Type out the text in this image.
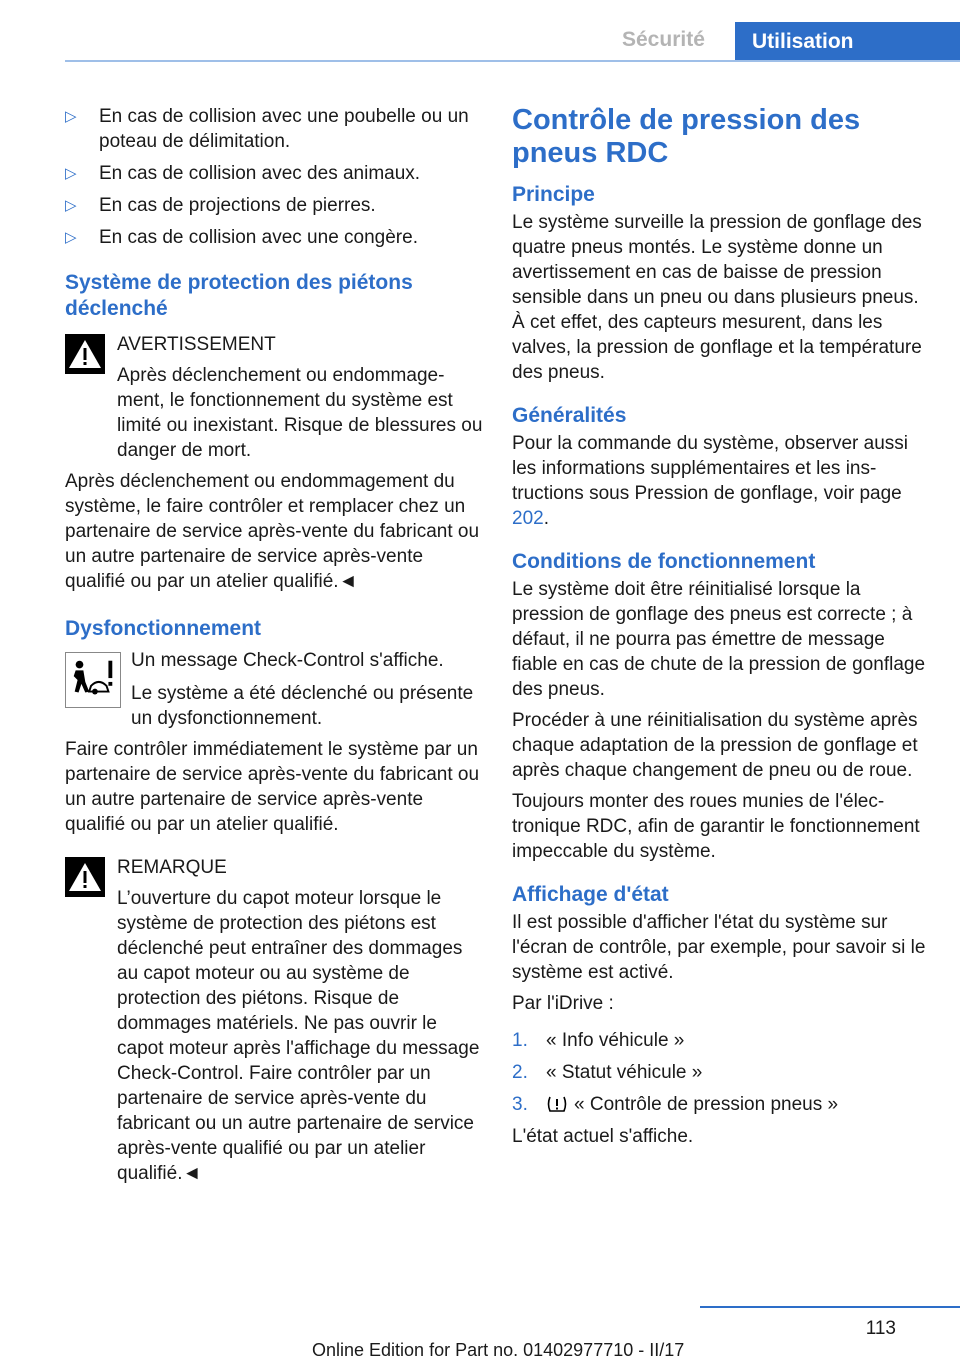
Sécurité	Utilisation
▷ En cas de collision avec une poubelle ou un poteau de délimitation.
▷ En cas de collision avec des animaux.
▷ En cas de projections de pierres.
▷ En cas de collision avec une congère.
Système de protection des piétons déclenché
AVERTISSEMENT
Après déclenchement ou endommagement, le fonctionnement du système est limité ou inexistant. Risque de blessures ou danger de mort.
Après déclenchement ou endommagement du système, le faire contrôler et remplacer chez un partenaire de service après-vente du fabricant ou un autre partenaire de service après-vente qualifié ou par un atelier qualifié.◄
Dysfonctionnement
Un message Check-Control s'affiche.
Le système a été déclenché ou présente un dysfonctionnement.
Faire contrôler immédiatement le système par un partenaire de service après-vente du fabricant ou un autre partenaire de service après-vente qualifié ou par un atelier qualifié.
REMARQUE
L’ouverture du capot moteur lorsque le système de protection des piétons est déclenché peut entraîner des dommages au capot moteur ou au système de protection des piétons. Risque de dommages matériels. Ne pas ouvrir le capot moteur après l'affichage du message Check-Control. Faire contrôler par un partenaire de service après-vente du fabricant ou un autre partenaire de service après-vente qualifié ou par un atelier qualifié.◄
Contrôle de pression des pneus RDC
Principe
Le système surveille la pression de gonflage des quatre pneus montés. Le système donne un avertissement en cas de baisse de pression sensible dans un pneu ou dans plusieurs pneus. À cet effet, des capteurs mesurent, dans les valves, la pression de gonflage et la température des pneus.
Généralités
Pour la commande du système, observer aussi les informations supplémentaires et les instructions sous Pression de gonflage, voir page 202.
Conditions de fonctionnement
Le système doit être réinitialisé lorsque la pression de gonflage des pneus est correcte ; à défaut, il ne pourra pas émettre de message fiable en cas de chute de la pression de gonflage des pneus.
Procéder à une réinitialisation du système après chaque adaptation de la pression de gonflage et après chaque changement de pneu ou de roue.
Toujours monter des roues munies de l'électronique RDC, afin de garantir le fonctionnement impeccable du système.
Affichage d'état
Il est possible d'afficher l'état du système sur l'écran de contrôle, par exemple, pour savoir si le système est activé.
Par l'iDrive :
1. « Info véhicule »
2. « Statut véhicule »
3. « Contrôle de pression pneus »
L'état actuel s'affiche.
113
Online Edition for Part no. 01402977710 - II/17
